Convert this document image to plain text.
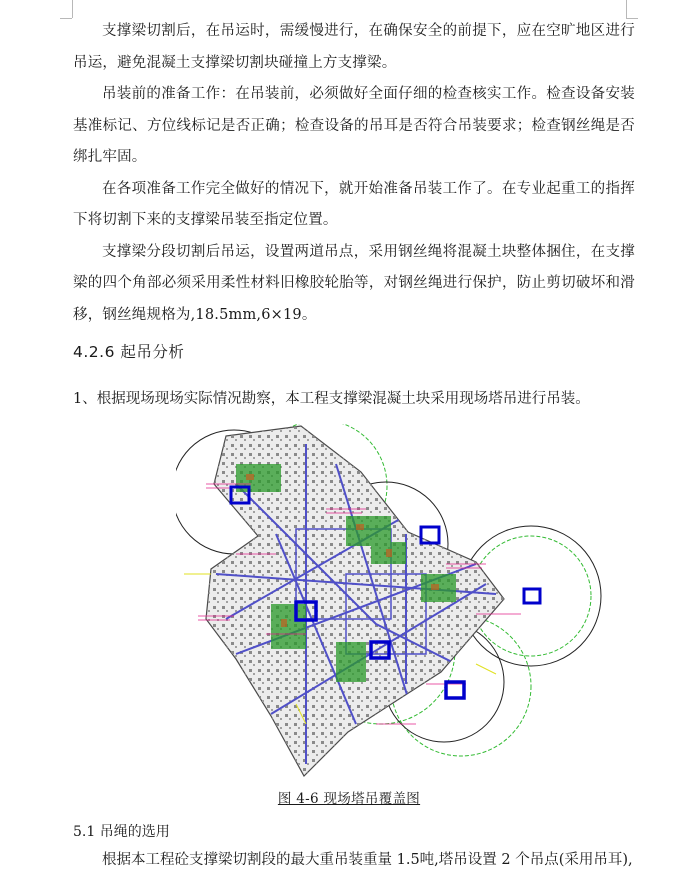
支撑梁切割后，在吊运时，需缓慢进行，在确保安全的前提下，应在空旷地区进行吊运，避免混凝土支撑梁切割块碰撞上方支撑梁。

吊装前的准备工作：在吊装前，必须做好全面仔细的检查核实工作。检查设备安装基准标记、方位线标记是否正确；检查设备的吊耳是否符合吊装要求；检查钢丝绳是否绑扎牢固。

在各项准备工作完全做好的情况下，就开始准备吊装工作了。在专业起重工的指挥下将切割下来的支撑梁吊装至指定位置。

支撑梁分段切割后吊运，设置两道吊点，采用钢丝绳将混凝土块整体捆住，在支撑梁的四个角部必须采用柔性材料旧橡胶轮胎等，对钢丝绳进行保护，防止剪切破坏和滑移，钢丝绳规格为,18.5mm,6×19。

4.2.6 起吊分析

1、根据现场现场实际情况勘察，本工程支撑梁混凝土块采用现场塔吊进行吊装。

图 4-6 现场塔吊覆盖图

5.1 吊绳的选用

根据本工程砼支撑梁切割段的最大重吊装重量 1.5吨,塔吊设置 2 个吊点(采用吊耳),
